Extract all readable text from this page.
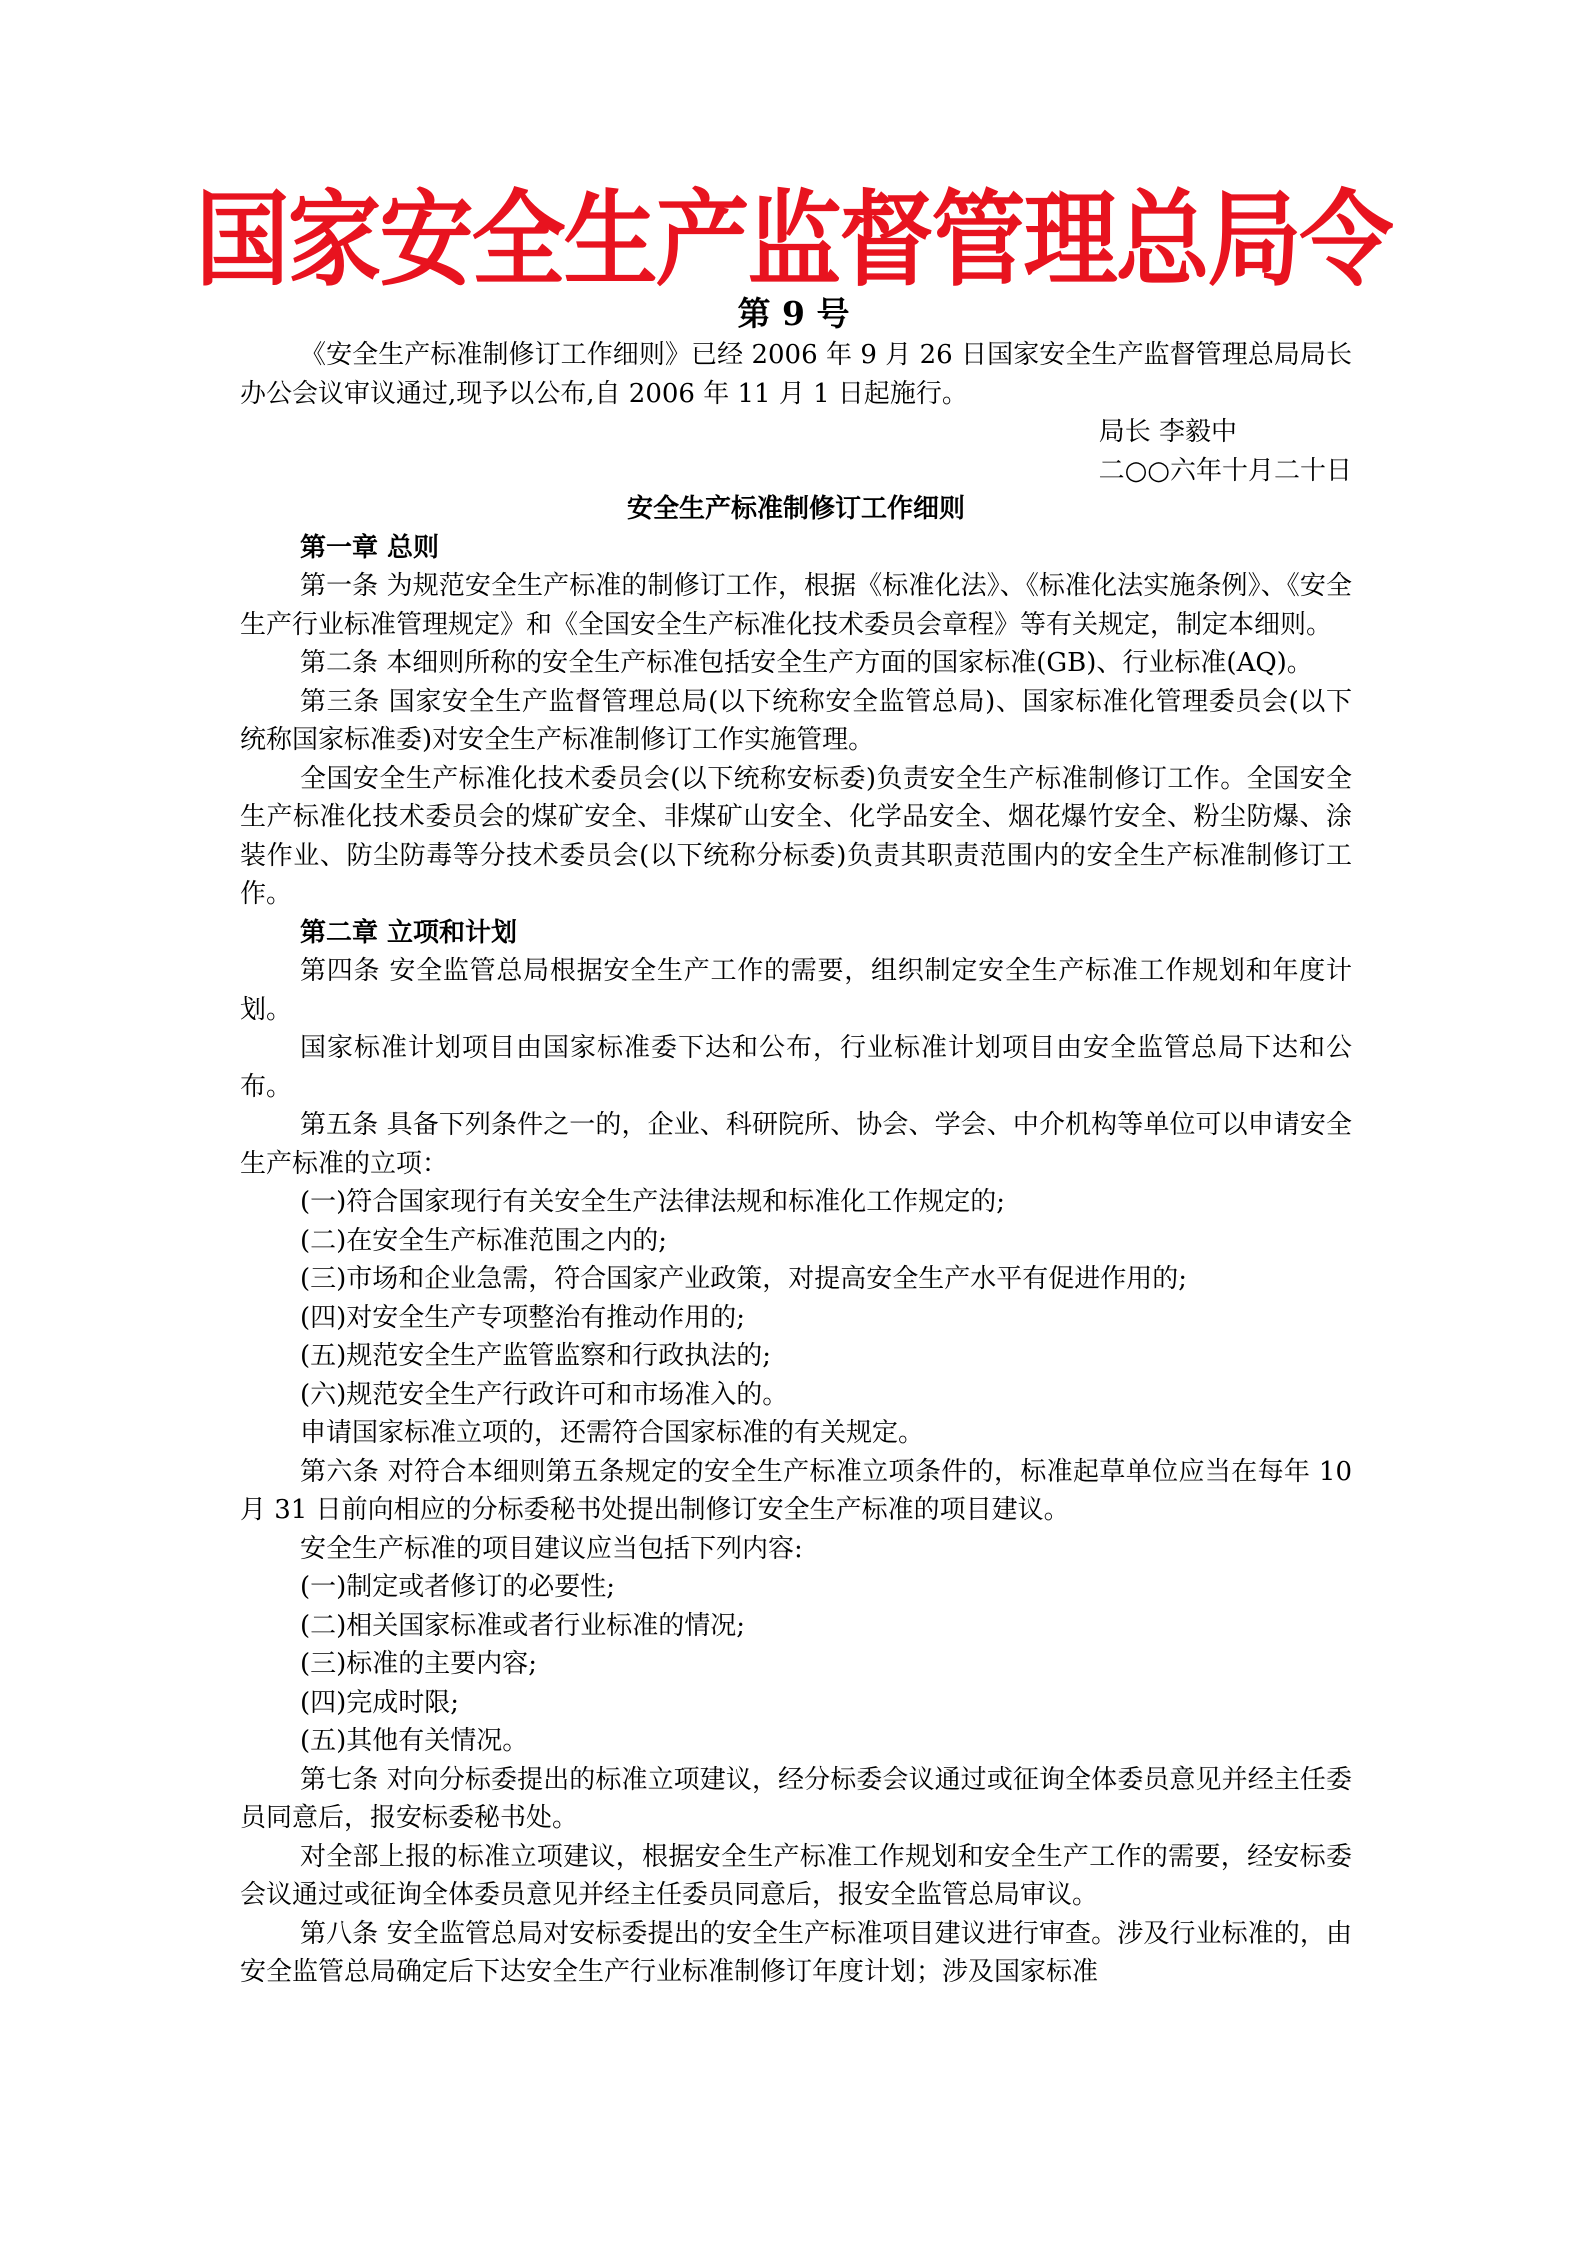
国家安全生产监督管理总局令
第 9 号

《安全生产标准制修订工作细则》已经 2006 年 9 月 26 日国家安全生产监督管理总局局长办公会议审议通过,现予以公布,自 2006 年 11 月 1 日起施行。

局长 李毅中

二○○六年十月二十日

安全生产标准制修订工作细则

第一章 总则

第一条 为规范安全生产标准的制修订工作，根据《标准化法》、《标准化法实施条例》、《安全生产行业标准管理规定》和《全国安全生产标准化技术委员会章程》等有关规定，制定本细则。

第二条 本细则所称的安全生产标准包括安全生产方面的国家标准(GB)、行业标准(AQ)。

第三条 国家安全生产监督管理总局(以下统称安全监管总局)、国家标准化管理委员会(以下统称国家标准委)对安全生产标准制修订工作实施管理。

全国安全生产标准化技术委员会(以下统称安标委)负责安全生产标准制修订工作。全国安全生产标准化技术委员会的煤矿安全、非煤矿山安全、化学品安全、烟花爆竹安全、粉尘防爆、涂装作业、防尘防毒等分技术委员会(以下统称分标委)负责其职责范围内的安全生产标准制修订工作。

第二章 立项和计划

第四条 安全监管总局根据安全生产工作的需要，组织制定安全生产标准工作规划和年度计划。

国家标准计划项目由国家标准委下达和公布，行业标准计划项目由安全监管总局下达和公布。

第五条 具备下列条件之一的，企业、科研院所、协会、学会、中介机构等单位可以申请安全生产标准的立项：

(一)符合国家现行有关安全生产法律法规和标准化工作规定的;

(二)在安全生产标准范围之内的;

(三)市场和企业急需，符合国家产业政策，对提高安全生产水平有促进作用的;

(四)对安全生产专项整治有推动作用的;

(五)规范安全生产监管监察和行政执法的;

(六)规范安全生产行政许可和市场准入的。

申请国家标准立项的，还需符合国家标准的有关规定。

第六条 对符合本细则第五条规定的安全生产标准立项条件的，标准起草单位应当在每年 10 月 31 日前向相应的分标委秘书处提出制修订安全生产标准的项目建议。

安全生产标准的项目建议应当包括下列内容:

(一)制定或者修订的必要性;

(二)相关国家标准或者行业标准的情况;

(三)标准的主要内容;

(四)完成时限;

(五)其他有关情况。

第七条 对向分标委提出的标准立项建议，经分标委会议通过或征询全体委员意见并经主任委员同意后，报安标委秘书处。

对全部上报的标准立项建议，根据安全生产标准工作规划和安全生产工作的需要，经安标委会议通过或征询全体委员意见并经主任委员同意后，报安全监管总局审议。

第八条 安全监管总局对安标委提出的安全生产标准项目建议进行审查。涉及行业标准的，由安全监管总局确定后下达安全生产行业标准制修订年度计划；涉及国家标准
